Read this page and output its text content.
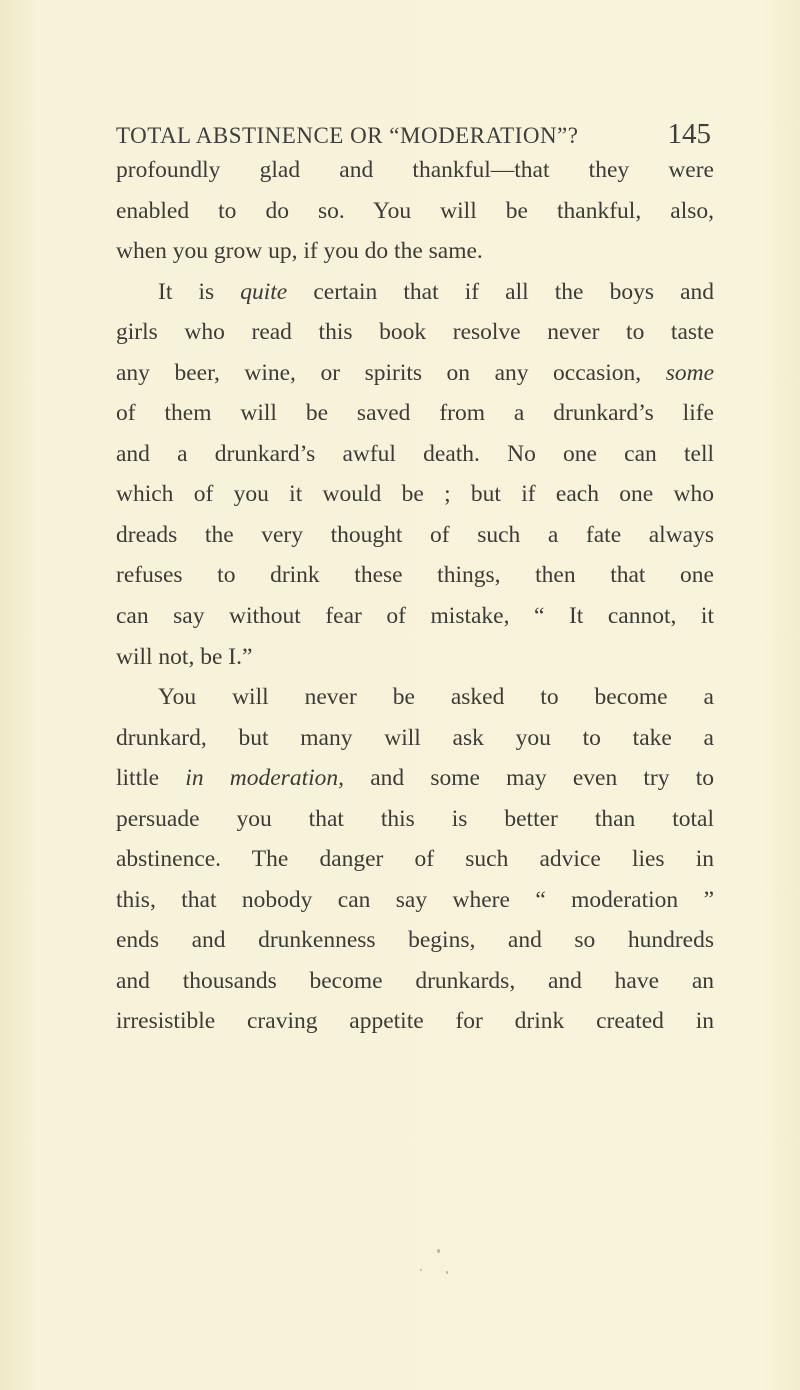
TOTAL ABSTINENCE OR “MODERATION”?	145
profoundly glad and thankful—that they were
enabled to do so. You will be thankful, also,
when you grow up, if you do the same.
It is quite certain that if all the boys and
girls who read this book resolve never to taste
any beer, wine, or spirits on any occasion, some
of them will be saved from a drunkard’s life
and a drunkard’s awful death. No one can tell
which of you it would be ; but if each one who
dreads the very thought of such a fate always
refuses to drink these things, then that one
can say without fear of mistake, “ It cannot, it
will not, be I.”
You will never be asked to become a
drunkard, but many will ask you to take a
little in moderation, and some may even try to
persuade you that this is better than total
abstinence. The danger of such advice lies in
this, that nobody can say where “ moderation ”
ends and drunkenness begins, and so hundreds
and thousands become drunkards, and have an
irresistible craving appetite for drink created in
